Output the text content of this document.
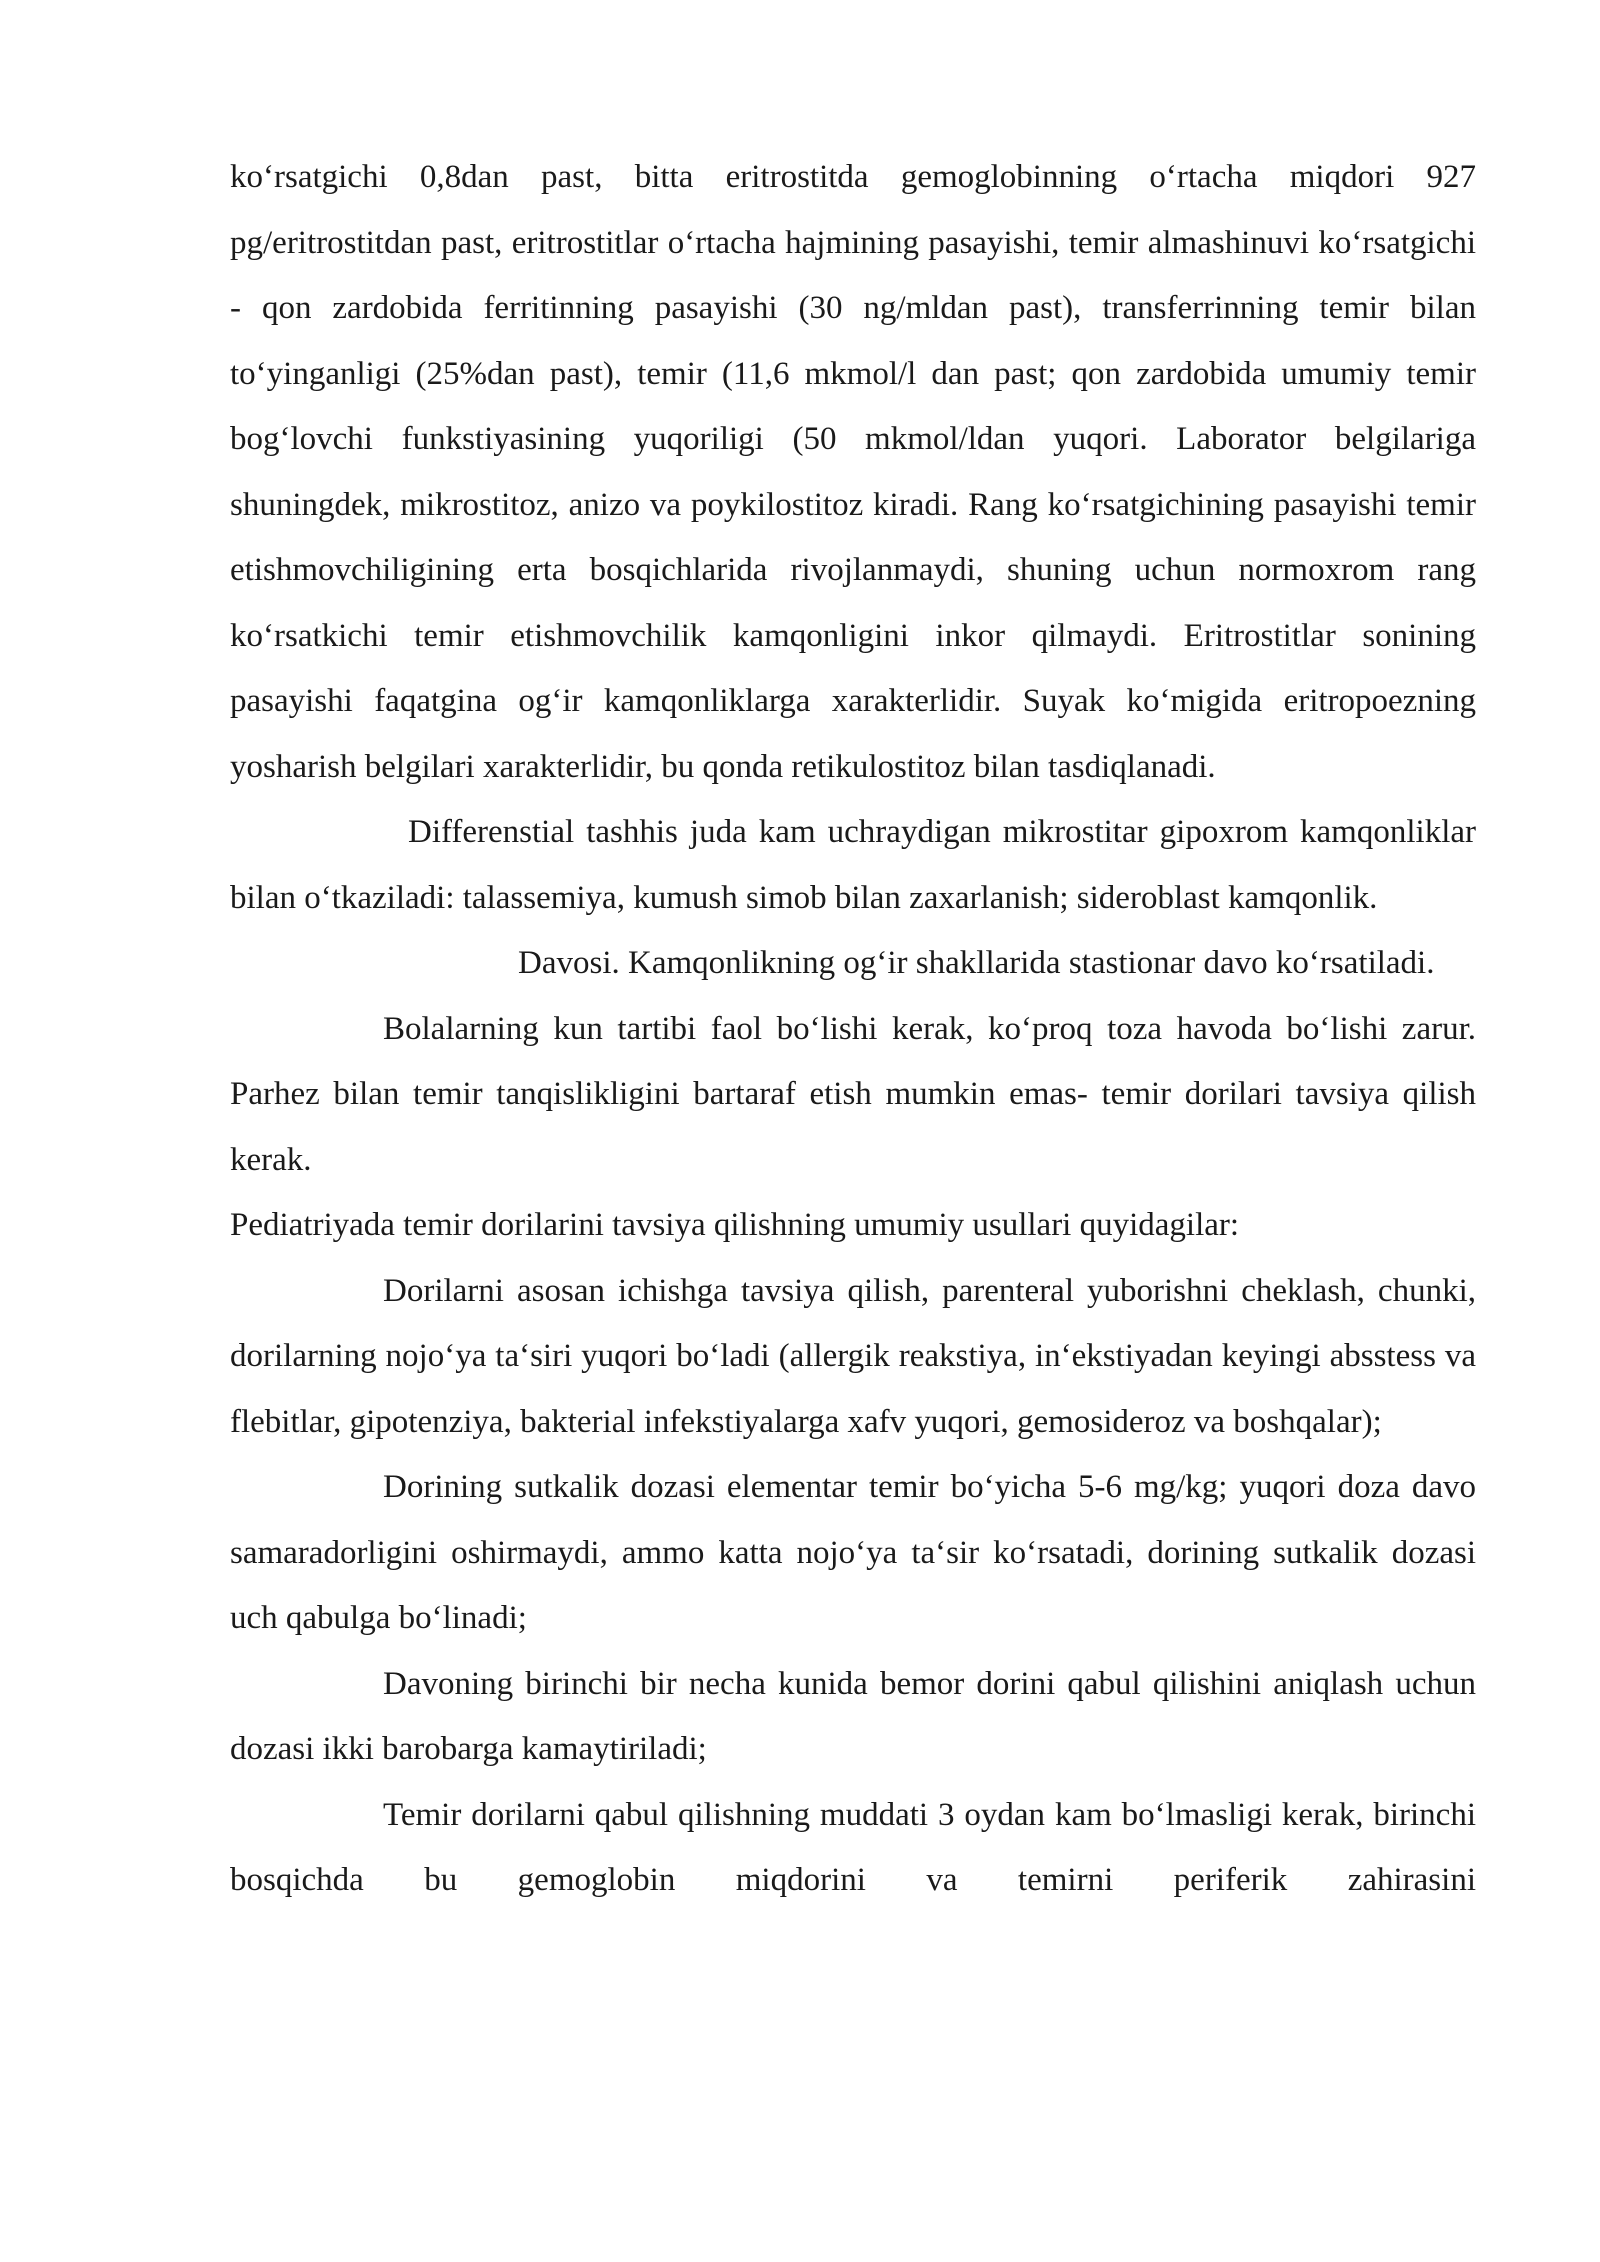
ko‘rsatgichi 0,8dan past, bitta eritrostitda gemoglobinning o‘rtacha miqdori 927 pg/eritrostitdan past, eritrostitlar o‘rtacha hajmining pasayishi, temir almashinuvi ko‘rsatgichi - qon zardobida ferritinning pasayishi (30 ng/mldan past), transferrinning temir bilan to‘yinganligi (25%dan past), temir (11,6 mkmol/l dan past; qon zardobida umumiy temir bog‘lovchi funkstiyasining yuqoriligi (50 mkmol/ldan yuqori. Laborator belgilariga shuningdek, mikrostitoz, anizo va poykilostitoz kiradi. Rang ko‘rsatgichining pasayishi temir etishmovchiligining erta bosqichlarida rivojlanmaydi, shuning uchun normoxrom rang ko‘rsatkichi temir etishmovchilik kamqonligini inkor qilmaydi. Eritrostitlar sonining pasayishi faqatgina og‘ir kamqonliklarga xarakterlidir. Suyak ko‘migida eritropoezning yosharish belgilari xarakterlidir, bu qonda retikulostitoz bilan tasdiqlanadi.

Differenstial tashhis juda kam uchraydigan mikrostitar gipoxrom kamqonliklar bilan o‘tkaziladi: talassemiya, kumush simob bilan zaxarlanish; sideroblast kamqonlik.

Davosi. Kamqonlikning og‘ir shakllarida stastionar davo ko‘rsatiladi.

Bolalarning kun tartibi faol bo‘lishi kerak, ko‘proq toza havoda bo‘lishi zarur. Parhez bilan temir tanqislikligini bartaraf etish mumkin emas- temir dorilari tavsiya qilish kerak.

Pediatriyada temir dorilarini tavsiya qilishning umumiy usullari quyidagilar:

Dorilarni asosan ichishga tavsiya qilish, parenteral yuborishni cheklash, chunki, dorilarning nojo‘ya ta‘siri yuqori bo‘ladi (allergik reakstiya, in‘ekstiyadan keyingi absstess va flebitlar, gipotenziya, bakterial infekstiyalarga xafv yuqori, gemosideroz va boshqalar);

Dorining sutkalik dozasi elementar temir bo‘yicha 5-6 mg/kg; yuqori doza davo samaradorligini oshirmaydi, ammo katta nojo‘ya ta‘sir ko‘rsatadi, dorining sutkalik dozasi uch qabulga bo‘linadi;

Davoning birinchi bir necha kunida bemor dorini qabul qilishini aniqlash uchun dozasi ikki barobarga kamaytiriladi;

Temir dorilarni qabul qilishning muddati 3 oydan kam bo‘lmasligi kerak, birinchi bosqichda bu gemoglobin miqdorini va temirni periferik zahirasini
